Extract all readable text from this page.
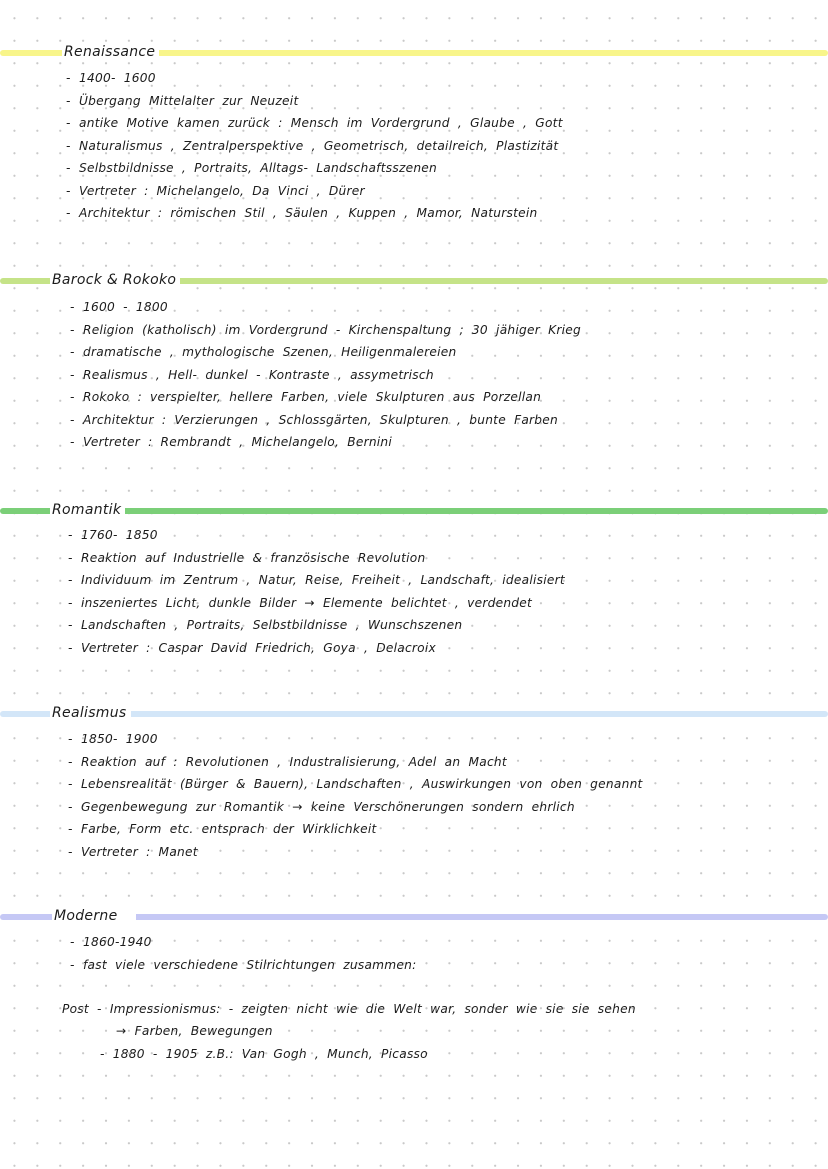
Renaissance
- 1400- 1600
- Übergang Mittelalter zur Neuzeit
- antike Motive kamen zurück : Mensch im Vordergrund , Glaube , Gott
- Naturalismus , Zentralperspektive , Geometrisch, detailreich, Plastizität
- Selbstbildnisse , Portraits, Alltags- Landschaftsszenen
- Vertreter : Michelangelo, Da Vinci , Dürer
- Architektur : römischen Stil , Säulen , Kuppen , Mamor, Naturstein
Barock & Rokoko
- 1600 - 1800
- Religion (katholisch) im Vordergrund - Kirchenspaltung ; 30 jähiger Krieg
- dramatische , mythologische Szenen, Heiligenmalereien
- Realismus , Hell- dunkel - Kontraste , assymetrisch
- Rokoko : verspielter, hellere Farben, viele Skulpturen aus Porzellan
- Architektur : Verzierungen , Schlossgärten, Skulpturen , bunte Farben
- Vertreter : Rembrandt , Michelangelo, Bernini
Romantik
- 1760- 1850
- Reaktion auf Industrielle & französische Revolution
- Individuum im Zentrum , Natur, Reise, Freiheit , Landschaft, idealisiert
- inszeniertes Licht, dunkle Bilder → Elemente belichtet , verdendet
- Landschaften , Portraits, Selbstbildnisse , Wunschszenen
- Vertreter : Caspar David Friedrich, Goya , Delacroix
Realismus
- 1850- 1900
- Reaktion auf : Revolutionen , Industralisierung, Adel an Macht
- Lebensrealität (Bürger & Bauern), Landschaften , Auswirkungen von oben genannt
- Gegenbewegung zur Romantik → keine Verschönerungen sondern ehrlich
- Farbe, Form etc. entsprach der Wirklichkeit
- Vertreter : Manet
Moderne
- 1860-1940
- fast viele verschiedene Stilrichtungen zusammen:
Post - Impressionismus: - zeigten nicht wie die Welt war, sonder wie sie sie sehen
→ Farben, Bewegungen
- 1880 - 1905 z.B.: Van Gogh , Munch, Picasso
